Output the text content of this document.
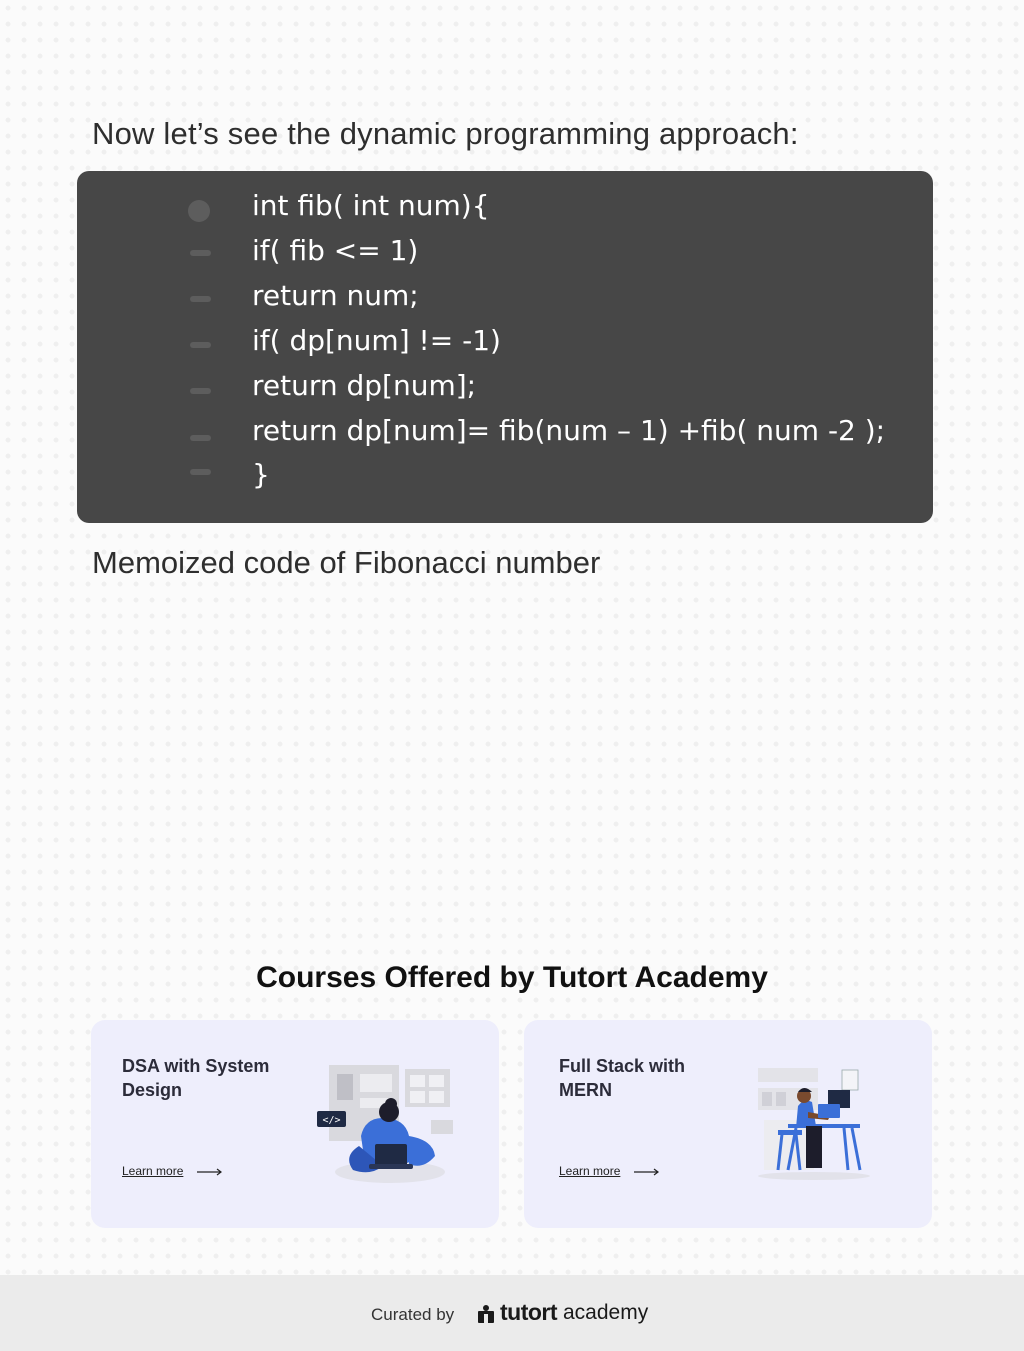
Now let’s see the dynamic programming approach:
int fib( int num){
if( fib <= 1)
return num;
if( dp[num] != -1)
return dp[num];
return dp[num]= fib(num – 1) +fib( num -2 );
}

Memoized code of Fibonacci number

Courses Offered by Tutort Academy
DSA with System Design
Learn more
</>
Full Stack with MERN
Learn more
Curated by tutort academy
